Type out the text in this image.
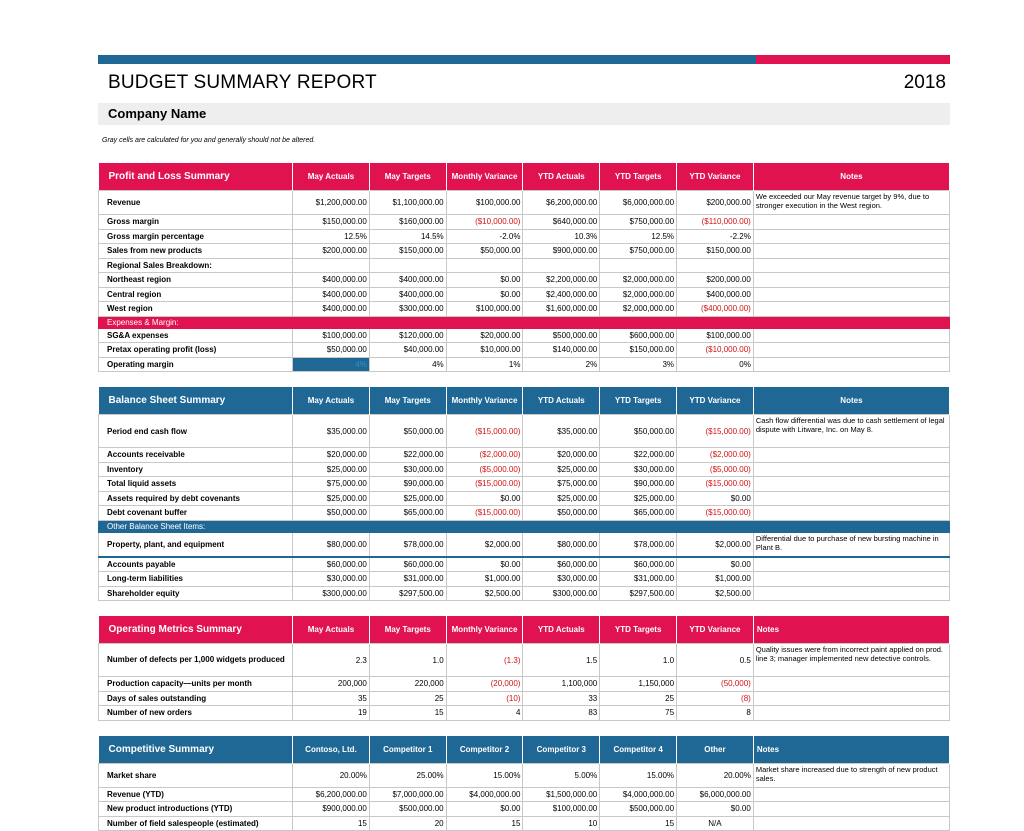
BUDGET SUMMARY REPORT	2018
Company Name
Gray cells are calculated for you and generally should not be altered.
Profit and Loss Summary	May Actuals	May Targets	Monthly Variance	YTD Actuals	YTD Targets	YTD Variance	Notes
Revenue	$1,200,000.00	$1,100,000.00	$100,000.00	$6,200,000.00	$6,000,000.00	$200,000.00	We exceeded our May revenue target by 9%, due to stronger execution in the West region.
Gross margin	$150,000.00	$160,000.00	($10,000.00)	$640,000.00	$750,000.00	($110,000.00)	
Gross margin percentage	12.5%	14.5%	-2.0%	10.3%	12.5%	-2.2%	
Sales from new products	$200,000.00	$150,000.00	$50,000.00	$900,000.00	$750,000.00	$150,000.00	
Regional Sales Breakdown:							
Northeast region	$400,000.00	$400,000.00	$0.00	$2,200,000.00	$2,000,000.00	$200,000.00	
Central region	$400,000.00	$400,000.00	$0.00	$2,400,000.00	$2,000,000.00	$400,000.00	
West region	$400,000.00	$300,000.00	$100,000.00	$1,600,000.00	$2,000,000.00	($400,000.00)	
Expenses & Margin:							
SG&A expenses	$100,000.00	$120,000.00	$20,000.00	$500,000.00	$600,000.00	$100,000.00	
Pretax operating profit (loss)	$50,000.00	$40,000.00	$10,000.00	$140,000.00	$150,000.00	($10,000.00)	
Operating margin	4%	4%	1%	2%	3%	0%	
Balance Sheet Summary	May Actuals	May Targets	Monthly Variance	YTD Actuals	YTD Targets	YTD Variance	Notes
Period end cash flow	$35,000.00	$50,000.00	($15,000.00)	$35,000.00	$50,000.00	($15,000.00)	Cash flow differential was due to cash settlement of legal dispute with Litware, Inc. on May 8.
Accounts receivable	$20,000.00	$22,000.00	($2,000.00)	$20,000.00	$22,000.00	($2,000.00)	
Inventory	$25,000.00	$30,000.00	($5,000.00)	$25,000.00	$30,000.00	($5,000.00)	
Total liquid assets	$75,000.00	$90,000.00	($15,000.00)	$75,000.00	$90,000.00	($15,000.00)	
Assets required by debt covenants	$25,000.00	$25,000.00	$0.00	$25,000.00	$25,000.00	$0.00	
Debt covenant buffer	$50,000.00	$65,000.00	($15,000.00)	$50,000.00	$65,000.00	($15,000.00)	
Other Balance Sheet Items:							
Property, plant, and equipment	$80,000.00	$78,000.00	$2,000.00	$80,000.00	$78,000.00	$2,000.00	Differential due to purchase of new bursting machine in Plant B.
Accounts payable	$60,000.00	$60,000.00	$0.00	$60,000.00	$60,000.00	$0.00	
Long-term liabilities	$30,000.00	$31,000.00	$1,000.00	$30,000.00	$31,000.00	$1,000.00	
Shareholder equity	$300,000.00	$297,500.00	$2,500.00	$300,000.00	$297,500.00	$2,500.00	
Operating Metrics Summary	May Actuals	May Targets	Monthly Variance	YTD Actuals	YTD Targets	YTD Variance	Notes
Number of defects per 1,000 widgets produced	2.3	1.0	(1.3)	1.5	1.0	0.5	Quality issues were from incorrect paint applied on prod. line 3; manager implemented new detective controls.
Production capacity—units per month	200,000	220,000	(20,000)	1,100,000	1,150,000	(50,000)	
Days of sales outstanding	35	25	(10)	33	25	(8)	
Number of new orders	19	15	4	83	75	8	
Competitive Summary	Contoso, Ltd.	Competitor 1	Competitor 2	Competitor 3	Competitor 4	Other	Notes
Market share	20.00%	25.00%	15.00%	5.00%	15.00%	20.00%	Market share increased due to strength of new product sales.
Revenue (YTD)	$6,200,000.00	$7,000,000.00	$4,000,000.00	$1,500,000.00	$4,000,000.00	$6,000,000.00	
New product introductions (YTD)	$900,000.00	$500,000.00	$0.00	$100,000.00	$500,000.00	$0.00	
Number of field salespeople (estimated)	15	20	15	10	15	N/A	
